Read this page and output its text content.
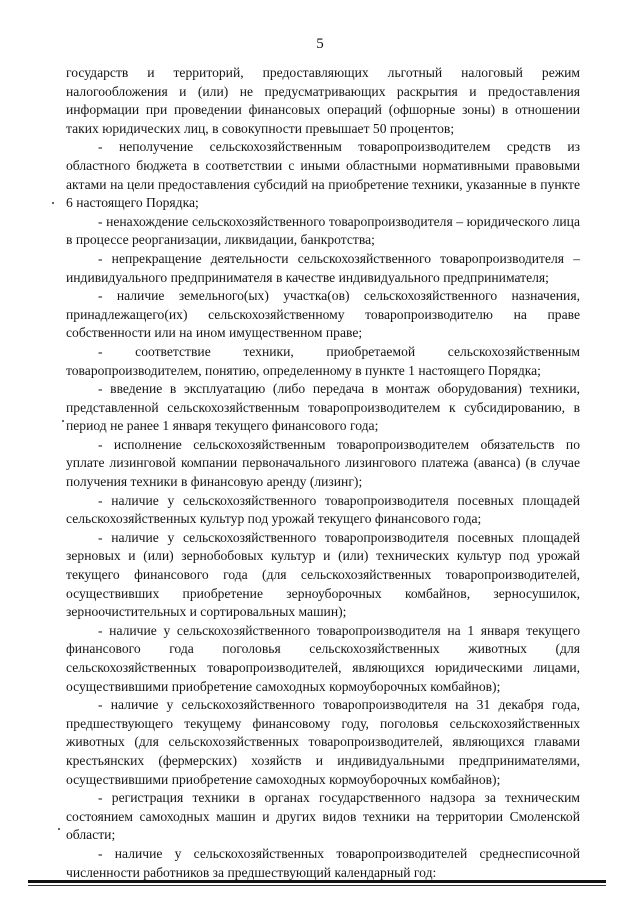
5

государств и территорий, предоставляющих льготный налоговый режим налогообложения и (или) не предусматривающих раскрытия и предоставления информации при проведении финансовых операций (офшорные зоны) в отношении таких юридических лиц, в совокупности превышает 50 процентов;

- неполучение сельскохозяйственным товаропроизводителем средств из областного бюджета в соответствии с иными областными нормативными правовыми актами на цели предоставления субсидий на приобретение техники, указанные в пункте 6 настоящего Порядка;

- ненахождение сельскохозяйственного товаропроизводителя – юридического лица в процессе реорганизации, ликвидации, банкротства;

- непрекращение деятельности сельскохозяйственного товаропроизводителя – индивидуального предпринимателя в качестве индивидуального предпринимателя;

- наличие земельного(ых) участка(ов) сельскохозяйственного назначения, принадлежащего(их) сельскохозяйственному товаропроизводителю на праве собственности или на ином имущественном праве;

- соответствие техники, приобретаемой сельскохозяйственным товаропроизводителем, понятию, определенному в пункте 1 настоящего Порядка;

- введение в эксплуатацию (либо передача в монтаж оборудования) техники, представленной сельскохозяйственным товаропроизводителем к субсидированию, в период не ранее 1 января текущего финансового года;

- исполнение сельскохозяйственным товаропроизводителем обязательств по уплате лизинговой компании первоначального лизингового платежа (аванса) (в случае получения техники в финансовую аренду (лизинг);

- наличие у сельскохозяйственного товаропроизводителя посевных площадей сельскохозяйственных культур под урожай текущего финансового года;

- наличие у сельскохозяйственного товаропроизводителя посевных площадей зерновых и (или) зернобобовых культур и (или) технических культур под урожай текущего финансового года (для сельскохозяйственных товаропроизводителей, осуществивших приобретение зерноуборочных комбайнов, зерносушилок, зерноочистительных и сортировальных машин);

- наличие у сельскохозяйственного товаропроизводителя на 1 января текущего финансового года поголовья сельскохозяйственных животных (для сельскохозяйственных товаропроизводителей, являющихся юридическими лицами, осуществившими приобретение самоходных кормоуборочных комбайнов);

- наличие у сельскохозяйственного товаропроизводителя на 31 декабря года, предшествующего текущему финансовому году, поголовья сельскохозяйственных животных (для сельскохозяйственных товаропроизводителей, являющихся главами крестьянских (фермерских) хозяйств и индивидуальными предпринимателями, осуществившими приобретение самоходных кормоуборочных комбайнов);

- регистрация техники в органах государственного надзора за техническим состоянием самоходных машин и других видов техники на территории Смоленской области;

- наличие у сельскохозяйственных товаропроизводителей среднесписочной численности работников за предшествующий календарный год:
